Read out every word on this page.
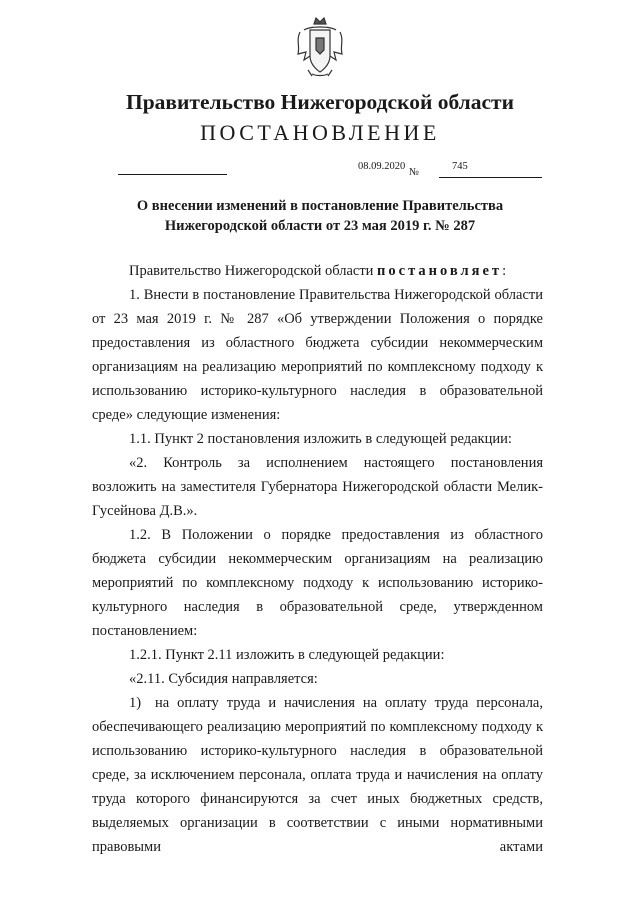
Правительство Нижегородской области
ПОСТАНОВЛЕНИЕ
08.09.2020
№
745
О внесении изменений в постановление Правительства
Нижегородской области от 23 мая 2019 г. № 287

Правительство Нижегородской области постановляет:

1. Внести в постановление Правительства Нижегородской области от 23 мая 2019 г. № 287 «Об утверждении Положения о порядке предоставления из областного бюджета субсидии некоммерческим организациям на реализацию мероприятий по комплексному подходу к использованию историко-культурного наследия в образовательной среде» следующие изменения:

1.1. Пункт 2 постановления изложить в следующей редакции:

«2. Контроль за исполнением настоящего постановления возложить на заместителя Губернатора Нижегородской области Мелик-Гусейнова Д.В.».

1.2. В Положении о порядке предоставления из областного бюджета субсидии некоммерческим организациям на реализацию мероприятий по комплексному подходу к использованию историко-культурного наследия в образовательной среде, утвержденном постановлением:

1.2.1. Пункт 2.11 изложить в следующей редакции:

«2.11. Субсидия направляется:

1) на оплату труда и начисления на оплату труда персонала, обеспечивающего реализацию мероприятий по комплексному подходу к использованию историко-культурного наследия в образовательной среде, за исключением персонала, оплата труда и начисления на оплату труда которого финансируются за счет иных бюджетных средств, выделяемых организации в соответствии с иными нормативными правовыми актами
